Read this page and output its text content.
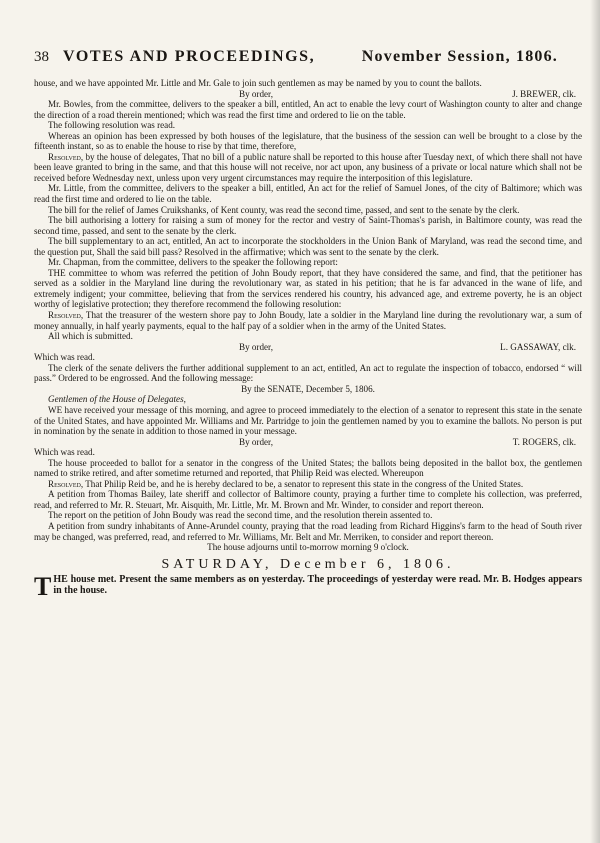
38 VOTES AND PROCEEDINGS,	November Session, 1806.

house, and we have appointed Mr. Little and Mr. Gale to join such gentlemen as may be named by you to count the ballots.

By order,	J. BREWER, clk.

Mr. Bowles, from the committee, delivers to the speaker a bill, entitled, An act to enable the levy court of Washington county to alter and change the direction of a road therein mentioned; which was read the first time and ordered to lie on the table.

The following resolution was read.

Whereas an opinion has been expressed by both houses of the legislature, that the business of the session can well be brought to a close by the fifteenth instant, so as to enable the house to rise by that time, therefore,

Resolved, by the house of delegates, That no bill of a public nature shall be reported to this house after Tuesday next, of which there shall not have been leave granted to bring in the same, and that this house will not receive, nor act upon, any business of a private or local nature which shall not be received before Wednesday next, unless upon very urgent circumstances may require the interposition of this legislature.

Mr. Little, from the committee, delivers to the speaker a bill, entitled, An act for the relief of Samuel Jones, of the city of Baltimore; which was read the first time and ordered to lie on the table.

The bill for the relief of James Cruikshanks, of Kent county, was read the second time, passed, and sent to the senate by the clerk.

The bill authorising a lottery for raising a sum of money for the rector and vestry of Saint-Thomas's parish, in Baltimore county, was read the second time, passed, and sent to the senate by the clerk.

The bill supplementary to an act, entitled, An act to incorporate the stockholders in the Union Bank of Maryland, was read the second time, and the question put, Shall the said bill pass? Resolved in the affirmative; which was sent to the senate by the clerk.

Mr. Chapman, from the committee, delivers to the speaker the following report:

THE committee to whom was referred the petition of John Boudy report, that they have considered the same, and find, that the petitioner has served as a soldier in the Maryland line during the revolutionary war, as stated in his petition; that he is far advanced in the wane of life, and extremely indigent; your committee, believing that from the services rendered his country, his advanced age, and extreme poverty, he is an object worthy of legislative protection; they therefore recommend the following resolution:

Resolved, That the treasurer of the western shore pay to John Boudy, late a soldier in the Maryland line during the revolutionary war, a sum of money annually, in half yearly payments, equal to the half pay of a soldier when in the army of the United States.

All which is submitted.

By order,	L. GASSAWAY, clk.

Which was read.

The clerk of the senate delivers the further additional supplement to an act, entitled, An act to regulate the inspection of tobacco, endorsed “ will pass.” Ordered to be engrossed. And the following message:

By the SENATE, December 5, 1806.

Gentlemen of the House of Delegates,

WE have received your message of this morning, and agree to proceed immediately to the election of a senator to represent this state in the senate of the United States, and have appointed Mr. Williams and Mr. Partridge to join the gentlemen named by you to examine the ballots. No person is put in nomination by the senate in addition to those named in your message.

By order,	T. ROGERS, clk.

Which was read.

The house proceeded to ballot for a senator in the congress of the United States; the ballots being deposited in the ballot box, the gentlemen named to strike retired, and after sometime returned and reported, that Philip Reid was elected. Whereupon

Resolved, That Philip Reid be, and he is hereby declared to be, a senator to represent this state in the congress of the United States.

A petition from Thomas Bailey, late sheriff and collector of Baltimore county, praying a further time to complete his collection, was preferred, read, and referred to Mr. R. Steuart, Mr. Aisquith, Mr. Little, Mr. M. Brown and Mr. Winder, to consider and report thereon.

The report on the petition of John Boudy was read the second time, and the resolution therein assented to.

A petition from sundry inhabitants of Anne-Arundel county, praying that the road leading from Richard Higgins's farm to the head of South river may be changed, was preferred, read, and referred to Mr. Williams, Mr. Belt and Mr. Merriken, to consider and report thereon.

The house adjourns until to-morrow morning 9 o'clock.

SATURDAY, December 6, 1806.

THE house met. Present the same members as on yesterday. The proceedings of yesterday were read. Mr. B. Hodges appears in the house.
